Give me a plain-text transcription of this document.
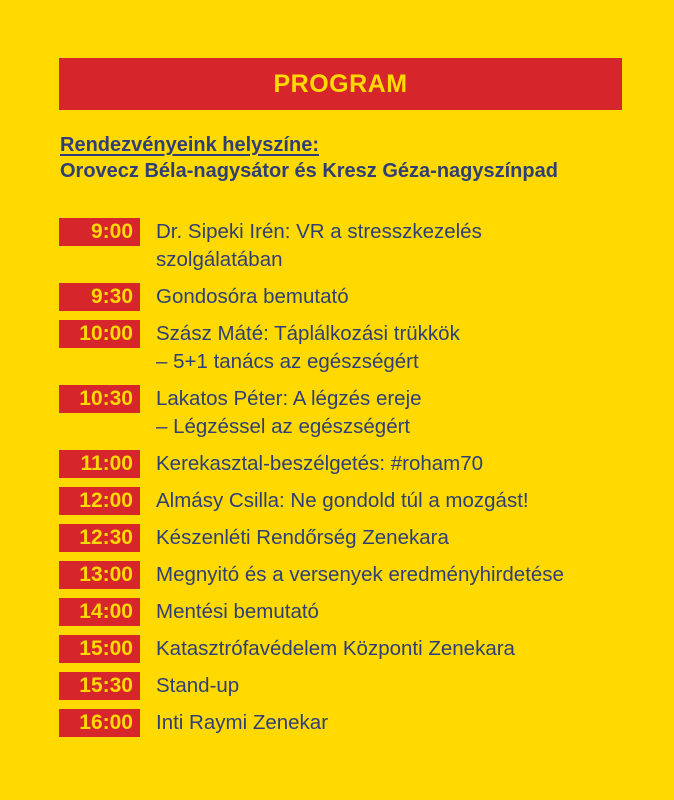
PROGRAM
Rendezvényeink helyszíne:
Orovecz Béla-nagysátor és Kresz Géza-nagyszínpad
9:00	Dr. Sipeki Irén: VR a stresszkezelés
szolgálatában
9:30	Gondosóra bemutató
10:00	Szász Máté: Táplálkozási trükkök
– 5+1 tanács az egészségért
10:30	Lakatos Péter: A légzés ereje
– Légzéssel az egészségért
11:00	Kerekasztal-beszélgetés: #roham70
12:00	Almásy Csilla: Ne gondold túl a mozgást!
12:30	Készenléti Rendőrség Zenekara
13:00	Megnyitó és a versenyek eredményhirdetése
14:00	Mentési bemutató
15:00	Katasztrófavédelem Központi Zenekara
15:30	Stand-up
16:00	Inti Raymi Zenekar
